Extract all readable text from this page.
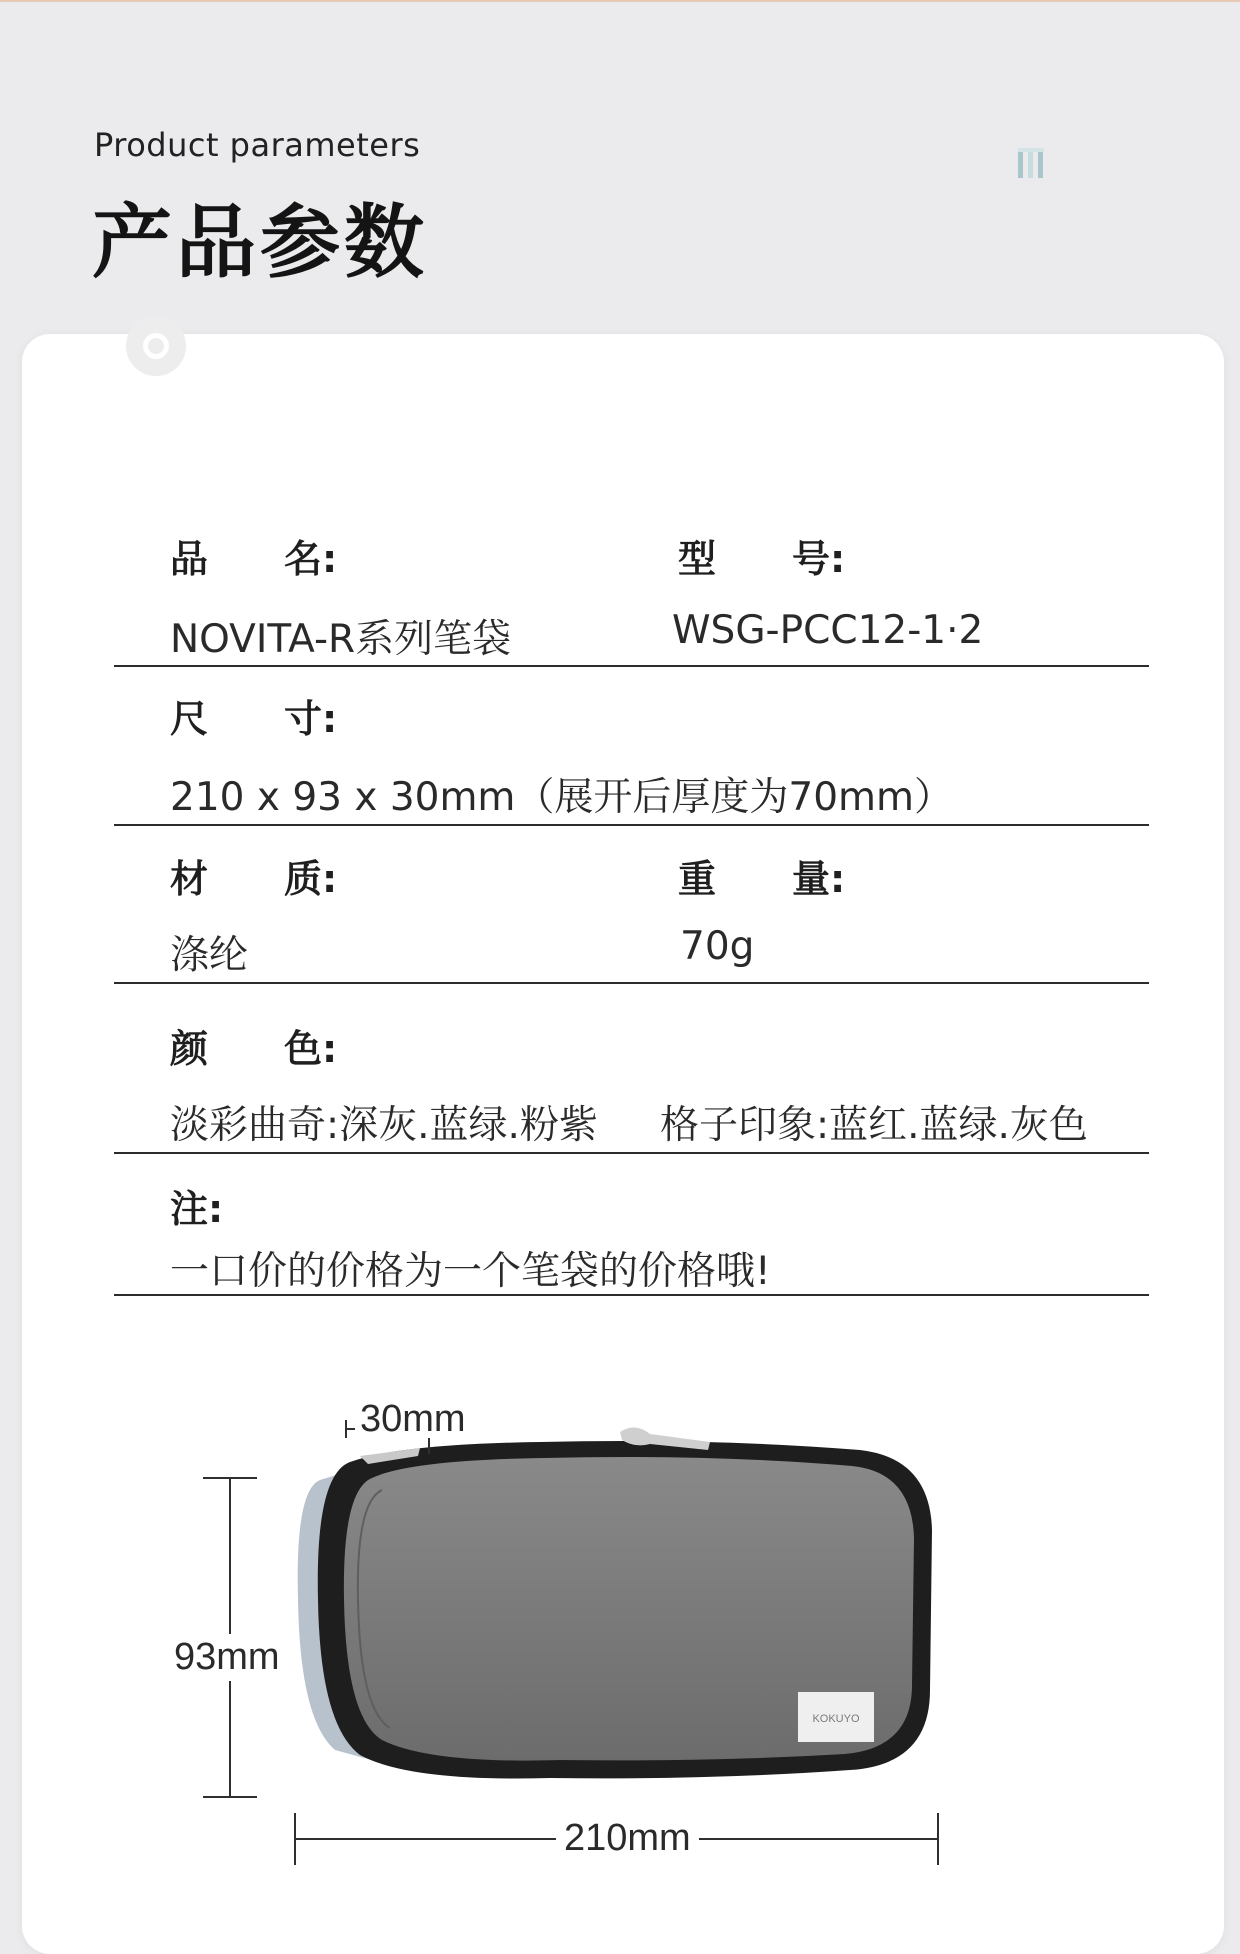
Product parameters
产品参数
品　　名:	型　　号:
NOVITA-R系列笔袋	WSG-PCC12-1·2
尺　　寸:
210 x 93 x 30mm（展开后厚度为70mm）
材　　质:	重　　量:
涤纶	70g
颜　　色:
淡彩曲奇:深灰.蓝绿.粉紫 格子印象:蓝红.蓝绿.灰色
注:
一口价的价格为一个笔袋的价格哦!
KOKUYO
30mm
93mm
210mm
